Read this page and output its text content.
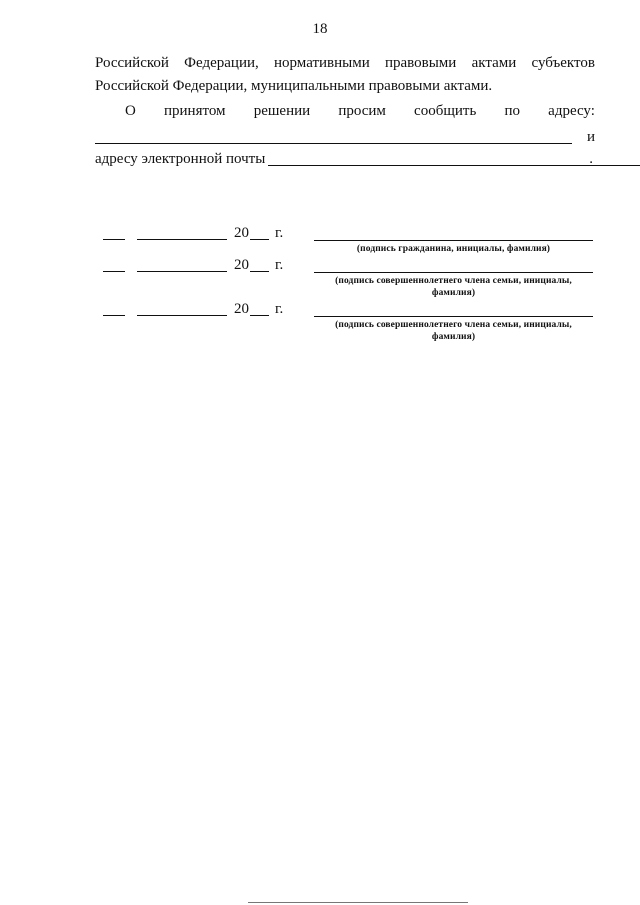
18
Российской Федерации, нормативными правовыми актами субъектов
Российской Федерации, муниципальными правовыми актами.
О принятом решении просим сообщить по адресу:
и
адресу электронной почты	.
20 г.
(подпись гражданина, инициалы, фамилия)
20 г.
(подпись совершеннолетнего члена семьи, инициалы, фамилия)
20 г.
(подпись совершеннолетнего члена семьи, инициалы, фамилия)
